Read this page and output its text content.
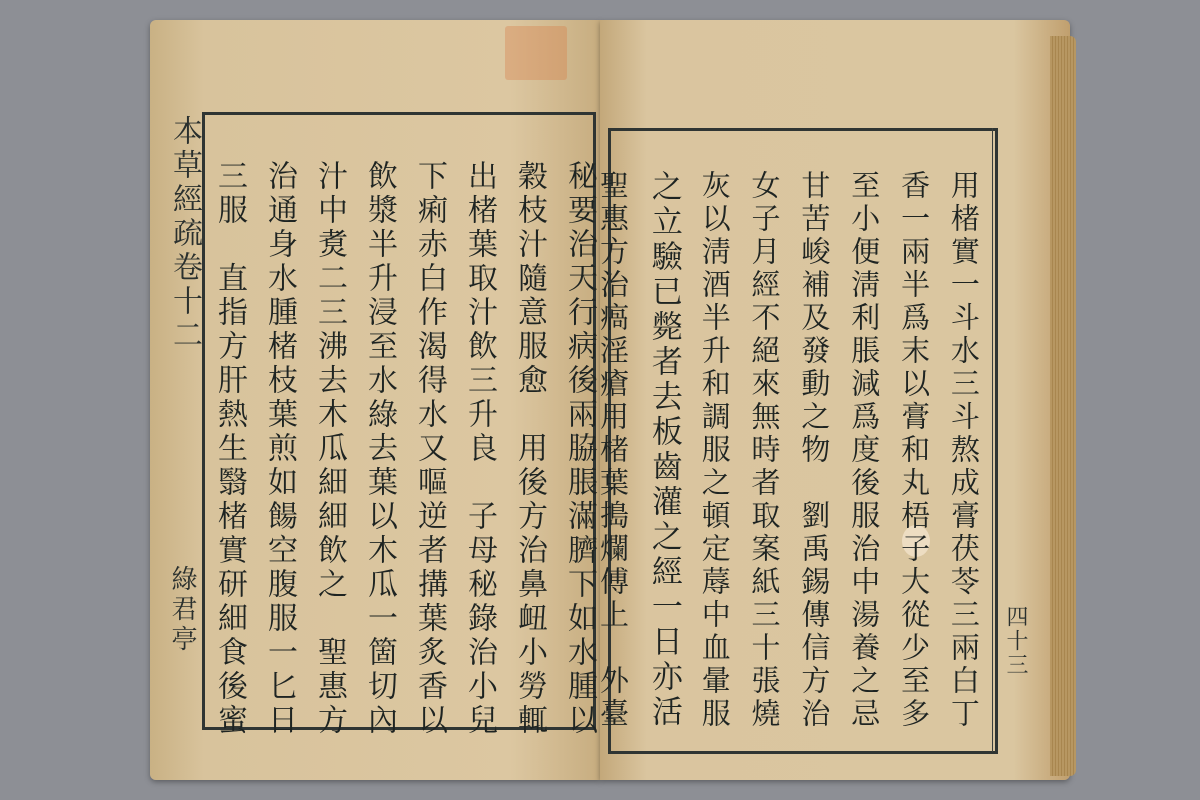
本草經疏卷十二
綠君亭	四十三
秘要治天行病後兩脇脹滿臍下如水腫以
穀枝汁隨意服愈　用後方治鼻衄小勞輒
出楮葉取汁飲三升良　子母秘錄治小兒
下痢赤白作渴得水又嘔逆者搆葉炙香以
飲漿半升浸至水綠去葉以木瓜一箇切內
汁中煑二三沸去木瓜細細飲之　聖惠方
治通身水腫楮枝葉煎如餳空腹服一匕日
三服　直指方肝熱生翳楮實研細食後蜜	用楮實一斗水三斗熬成膏茯苓三兩白丁
香一兩半爲末以膏和丸梧子大從少至多
至小便淸利脹減爲度後服治中湯養之忌
甘苦峻補及發動之物　劉禹錫傳信方治
女子月經不絕來無時者取案紙三十張燒
灰以淸酒半升和調服之頓定蓐中血暈服
之立驗已斃者去板齒灌之經一日亦活
聖惠方治瘑淫瘡用楮葉搗爛傅上　外臺
